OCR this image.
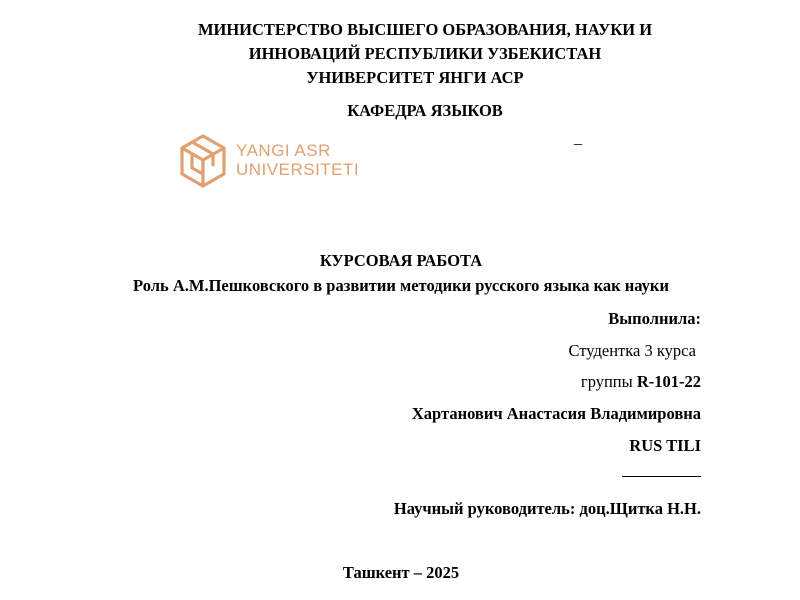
МИНИСТЕРСТВО ВЫСШЕГО ОБРАЗОВАНИЯ, НАУКИ И
ИННОВАЦИЙ РЕСПУБЛИКИ УЗБЕКИСТАН
УНИВЕРСИТЕТ ЯНГИ АСР
КАФЕДРА ЯЗЫКОВ
_
YANGI ASR
UNIVERSITETI
КУРСОВАЯ РАБОТА
Роль А.М.Пешковского в развитии методики русского языка как науки
Выполнила:
Студентка 3 курса
группы R-101-22
Хартанович Анастасия Владимировна
RUS TILI
Научный руководитель: доц.Щитка Н.Н.
Ташкент – 2025
